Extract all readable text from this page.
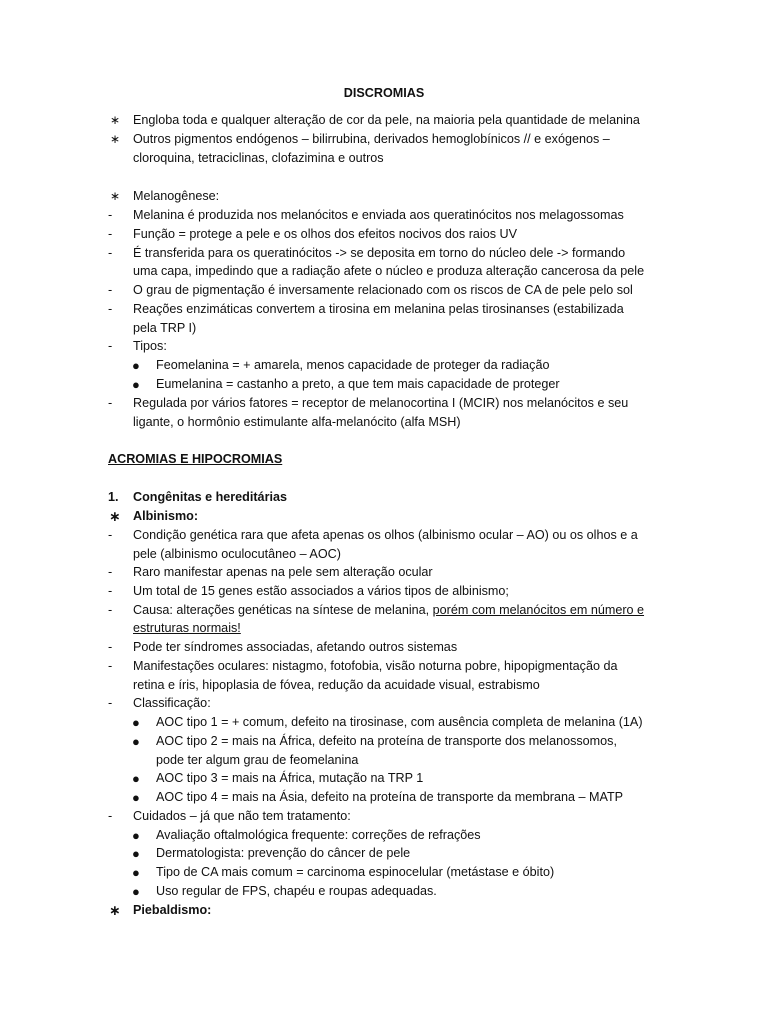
DISCROMIAS
∗	Engloba toda e qualquer alteração de cor da pele, na maioria pela quantidade de melanina
∗	Outros pigmentos endógenos – bilirrubina, derivados hemoglobínicos // e exógenos –
cloroquina, tetraciclinas, clofazimina e outros
∗	Melanogênese:
-	Melanina é produzida nos melanócitos e enviada aos queratinócitos nos melagossomas
-	Função = protege a pele e os olhos dos efeitos nocivos dos raios UV
-	É transferida para os queratinócitos -> se deposita em torno do núcleo dele -> formando
uma capa, impedindo que a radiação afete o núcleo e produza alteração cancerosa da pele
-	O grau de pigmentação é inversamente relacionado com os riscos de CA de pele pelo sol
-	Reações enzimáticas convertem a tirosina em melanina pelas tirosinanses (estabilizada
pela TRP I)
-	Tipos:
● Feomelanina = + amarela, menos capacidade de proteger da radiação
● Eumelanina = castanho a preto, a que tem mais capacidade de proteger
-	Regulada por vários fatores = receptor de melanocortina I (MCIR) nos melanócitos e seu
ligante, o hormônio estimulante alfa-melanócito (alfa MSH)
ACROMIAS E HIPOCROMIAS
1.	Congênitas e hereditárias
∗ Albinismo:
-	Condição genética rara que afeta apenas os olhos (albinismo ocular – AO) ou os olhos e a
pele (albinismo oculocutâneo – AOC)
-	Raro manifestar apenas na pele sem alteração ocular
-	Um total de 15 genes estão associados a vários tipos de albinismo;
-	Causa: alterações genéticas na síntese de melanina, porém com melanócitos em número e
estruturas normais!
-	Pode ter síndromes associadas, afetando outros sistemas
-	Manifestações oculares: nistagmo, fotofobia, visão noturna pobre, hipopigmentação da
retina e íris, hipoplasia de fóvea, redução da acuidade visual, estrabismo
-	Classificação:
● AOC tipo 1 = + comum, defeito na tirosinase, com ausência completa de melanina (1A)
● AOC tipo 2 = mais na África, defeito na proteína de transporte dos melanossomos,
pode ter algum grau de feomelanina
● AOC tipo 3 = mais na África, mutação na TRP 1
● AOC tipo 4 = mais na Ásia, defeito na proteína de transporte da membrana – MATP
-	Cuidados – já que não tem tratamento:
● Avaliação oftalmológica frequente: correções de refrações
● Dermatologista: prevenção do câncer de pele
● Tipo de CA mais comum = carcinoma espinocelular (metástase e óbito)
● Uso regular de FPS, chapéu e roupas adequadas.
∗ Piebaldismo:
